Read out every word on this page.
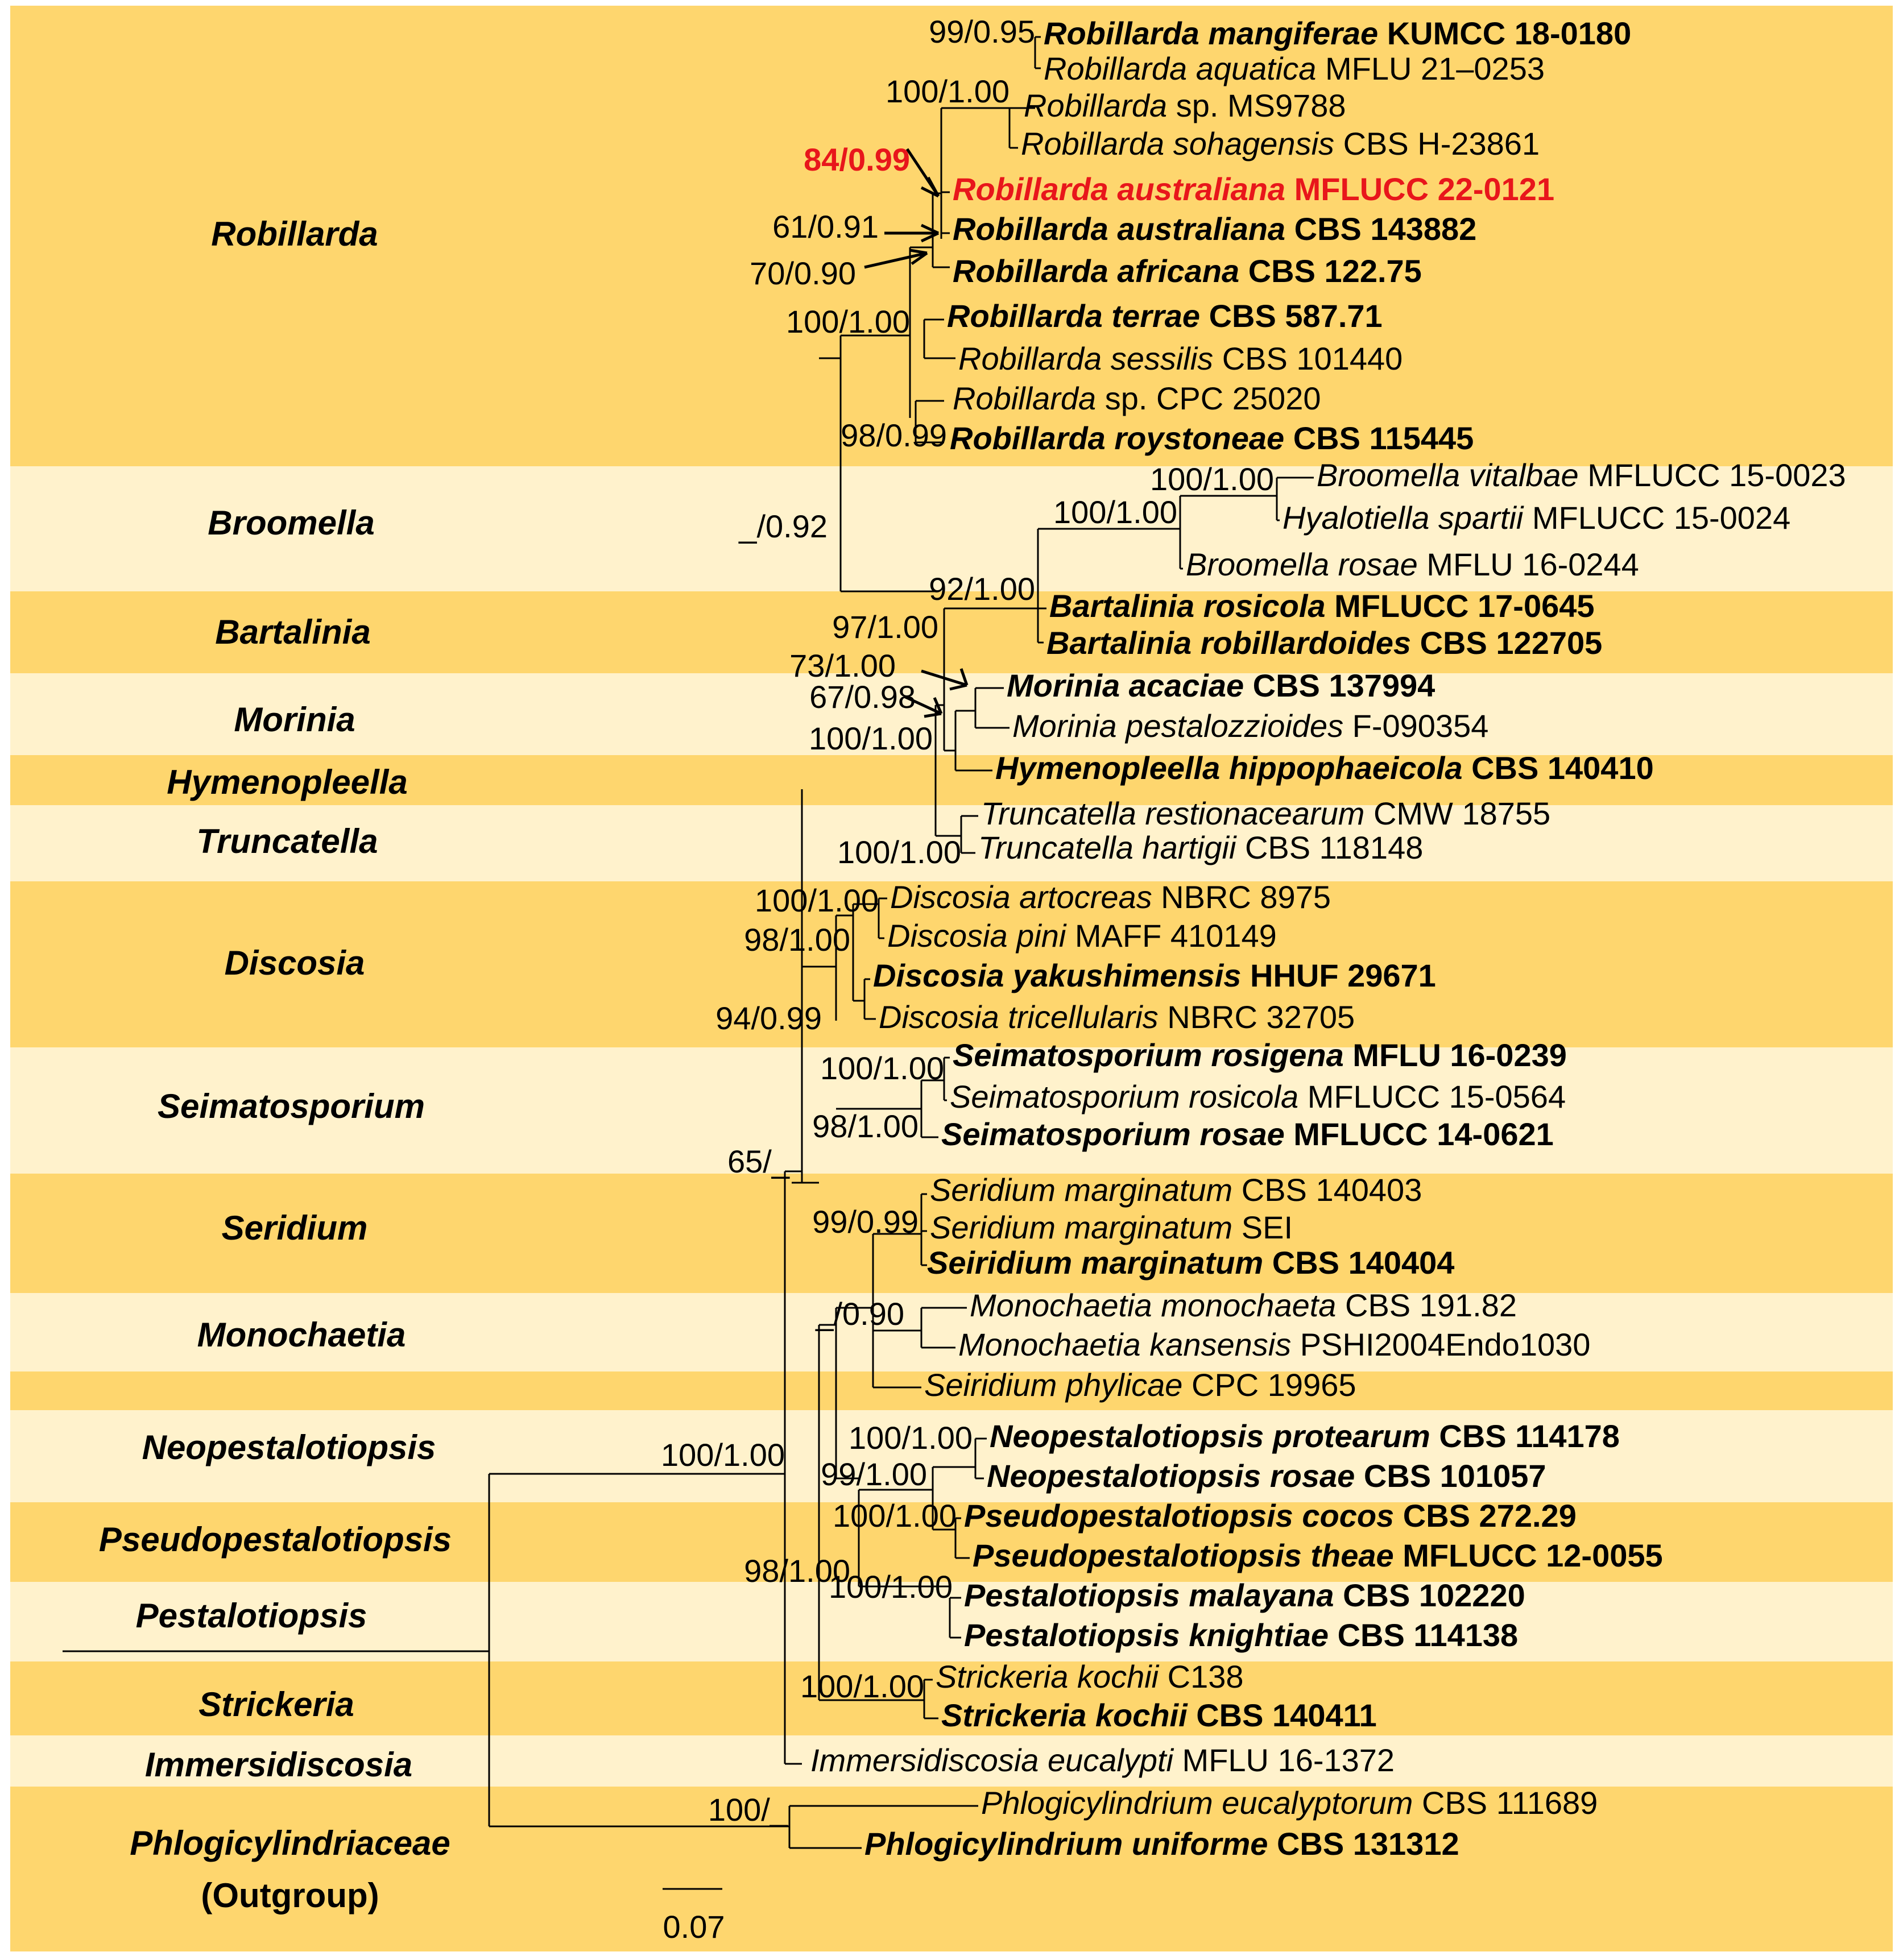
Robillarda
Broomella
Bartalinia
Morinia
Hymenopleella
Truncatella
Discosia
Seimatosporium
Seridium
Monochaetia
Neopestalotiopsis
Pseudopestalotiopsis
Pestalotiopsis
Strickeria
Immersidiscosia
Phlogicylindriaceae
(Outgroup)
Robillarda mangiferae KUMCC 18-0180
Robillarda aquatica MFLU 21–0253
Robillarda sp. MS9788
Robillarda sohagensis CBS H-23861
Robillarda australiana MFLUCC 22-0121
Robillarda australiana CBS 143882
Robillarda africana CBS 122.75
Robillarda terrae CBS 587.71
Robillarda sessilis CBS 101440
Robillarda sp. CPC 25020
Robillarda roystoneae CBS 115445
Broomella vitalbae MFLUCC 15-0023
Hyalotiella spartii MFLUCC 15-0024
Broomella rosae MFLU 16-0244
Bartalinia rosicola MFLUCC 17-0645
Bartalinia robillardoides CBS 122705
Morinia acaciae CBS 137994
Morinia pestalozzioides F-090354
Hymenopleella hippophaeicola CBS 140410
Truncatella restionacearum CMW 18755
Truncatella hartigii CBS 118148
Discosia artocreas NBRC 8975
Discosia pini MAFF 410149
Discosia yakushimensis HHUF 29671
Discosia tricellularis NBRC 32705
Seimatosporium rosigena MFLU 16-0239
Seimatosporium rosicola MFLUCC 15-0564
Seimatosporium rosae MFLUCC 14-0621
Seridium marginatum CBS 140403
Seridium marginatum SEI
Seiridium marginatum CBS 140404
Monochaetia monochaeta CBS 191.82
Monochaetia kansensis PSHI2004Endo1030
Seiridium phylicae CPC 19965
Neopestalotiopsis protearum CBS 114178
Neopestalotiopsis rosae CBS 101057
Pseudopestalotiopsis cocos CBS 272.29
Pseudopestalotiopsis theae MFLUCC 12-0055
Pestalotiopsis malayana CBS 102220
Pestalotiopsis knightiae CBS 114138
Strickeria kochii C138
Strickeria kochii CBS 140411
Immersidiscosia eucalypti MFLU 16-1372
Phlogicylindrium eucalyptorum CBS 111689
Phlogicylindrium uniforme CBS 131312
99/0.95
100/1.00
84/0.99
61/0.91
70/0.90
100/1.00
98/0.99
_/0.92
100/1.00
100/1.00
92/1.00
97/1.00
73/1.00
67/0.98
100/1.00
100/1.00
100/1.00
98/1.00
94/0.99
100/1.00
98/1.00
65/_
99/0.99
_/0.90
100/1.00
100/1.00
99/1.00
100/1.00
98/1.00
100/1.00
100/1.00
100/_
0.07
